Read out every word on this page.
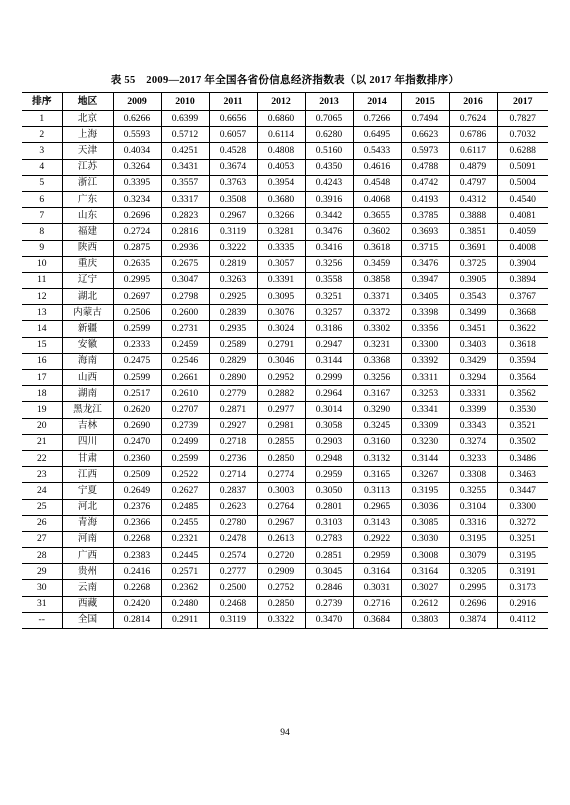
表 55　2009—2017 年全国各省份信息经济指数表（以 2017 年指数排序）
排序	地区	2009	2010	2011	2012	2013	2014	2015	2016	2017
1	北京	0.6266	0.6399	0.6656	0.6860	0.7065	0.7266	0.7494	0.7624	0.7827
2	上海	0.5593	0.5712	0.6057	0.6114	0.6280	0.6495	0.6623	0.6786	0.7032
3	天津	0.4034	0.4251	0.4528	0.4808	0.5160	0.5433	0.5973	0.6117	0.6288
4	江苏	0.3264	0.3431	0.3674	0.4053	0.4350	0.4616	0.4788	0.4879	0.5091
5	浙江	0.3395	0.3557	0.3763	0.3954	0.4243	0.4548	0.4742	0.4797	0.5004
6	广东	0.3234	0.3317	0.3508	0.3680	0.3916	0.4068	0.4193	0.4312	0.4540
7	山东	0.2696	0.2823	0.2967	0.3266	0.3442	0.3655	0.3785	0.3888	0.4081
8	福建	0.2724	0.2816	0.3119	0.3281	0.3476	0.3602	0.3693	0.3851	0.4059
9	陕西	0.2875	0.2936	0.3222	0.3335	0.3416	0.3618	0.3715	0.3691	0.4008
10	重庆	0.2635	0.2675	0.2819	0.3057	0.3256	0.3459	0.3476	0.3725	0.3904
11	辽宁	0.2995	0.3047	0.3263	0.3391	0.3558	0.3858	0.3947	0.3905	0.3894
12	湖北	0.2697	0.2798	0.2925	0.3095	0.3251	0.3371	0.3405	0.3543	0.3767
13	内蒙古	0.2506	0.2600	0.2839	0.3076	0.3257	0.3372	0.3398	0.3499	0.3668
14	新疆	0.2599	0.2731	0.2935	0.3024	0.3186	0.3302	0.3356	0.3451	0.3622
15	安徽	0.2333	0.2459	0.2589	0.2791	0.2947	0.3231	0.3300	0.3403	0.3618
16	海南	0.2475	0.2546	0.2829	0.3046	0.3144	0.3368	0.3392	0.3429	0.3594
17	山西	0.2599	0.2661	0.2890	0.2952	0.2999	0.3256	0.3311	0.3294	0.3564
18	湖南	0.2517	0.2610	0.2779	0.2882	0.2964	0.3167	0.3253	0.3331	0.3562
19	黑龙江	0.2620	0.2707	0.2871	0.2977	0.3014	0.3290	0.3341	0.3399	0.3530
20	吉林	0.2690	0.2739	0.2927	0.2981	0.3058	0.3245	0.3309	0.3343	0.3521
21	四川	0.2470	0.2499	0.2718	0.2855	0.2903	0.3160	0.3230	0.3274	0.3502
22	甘肃	0.2360	0.2599	0.2736	0.2850	0.2948	0.3132	0.3144	0.3233	0.3486
23	江西	0.2509	0.2522	0.2714	0.2774	0.2959	0.3165	0.3267	0.3308	0.3463
24	宁夏	0.2649	0.2627	0.2837	0.3003	0.3050	0.3113	0.3195	0.3255	0.3447
25	河北	0.2376	0.2485	0.2623	0.2764	0.2801	0.2965	0.3036	0.3104	0.3300
26	青海	0.2366	0.2455	0.2780	0.2967	0.3103	0.3143	0.3085	0.3316	0.3272
27	河南	0.2268	0.2321	0.2478	0.2613	0.2783	0.2922	0.3030	0.3195	0.3251
28	广西	0.2383	0.2445	0.2574	0.2720	0.2851	0.2959	0.3008	0.3079	0.3195
29	贵州	0.2416	0.2571	0.2777	0.2909	0.3045	0.3164	0.3164	0.3205	0.3191
30	云南	0.2268	0.2362	0.2500	0.2752	0.2846	0.3031	0.3027	0.2995	0.3173
31	西藏	0.2420	0.2480	0.2468	0.2850	0.2739	0.2716	0.2612	0.2696	0.2916
--	全国	0.2814	0.2911	0.3119	0.3322	0.3470	0.3684	0.3803	0.3874	0.4112
94
